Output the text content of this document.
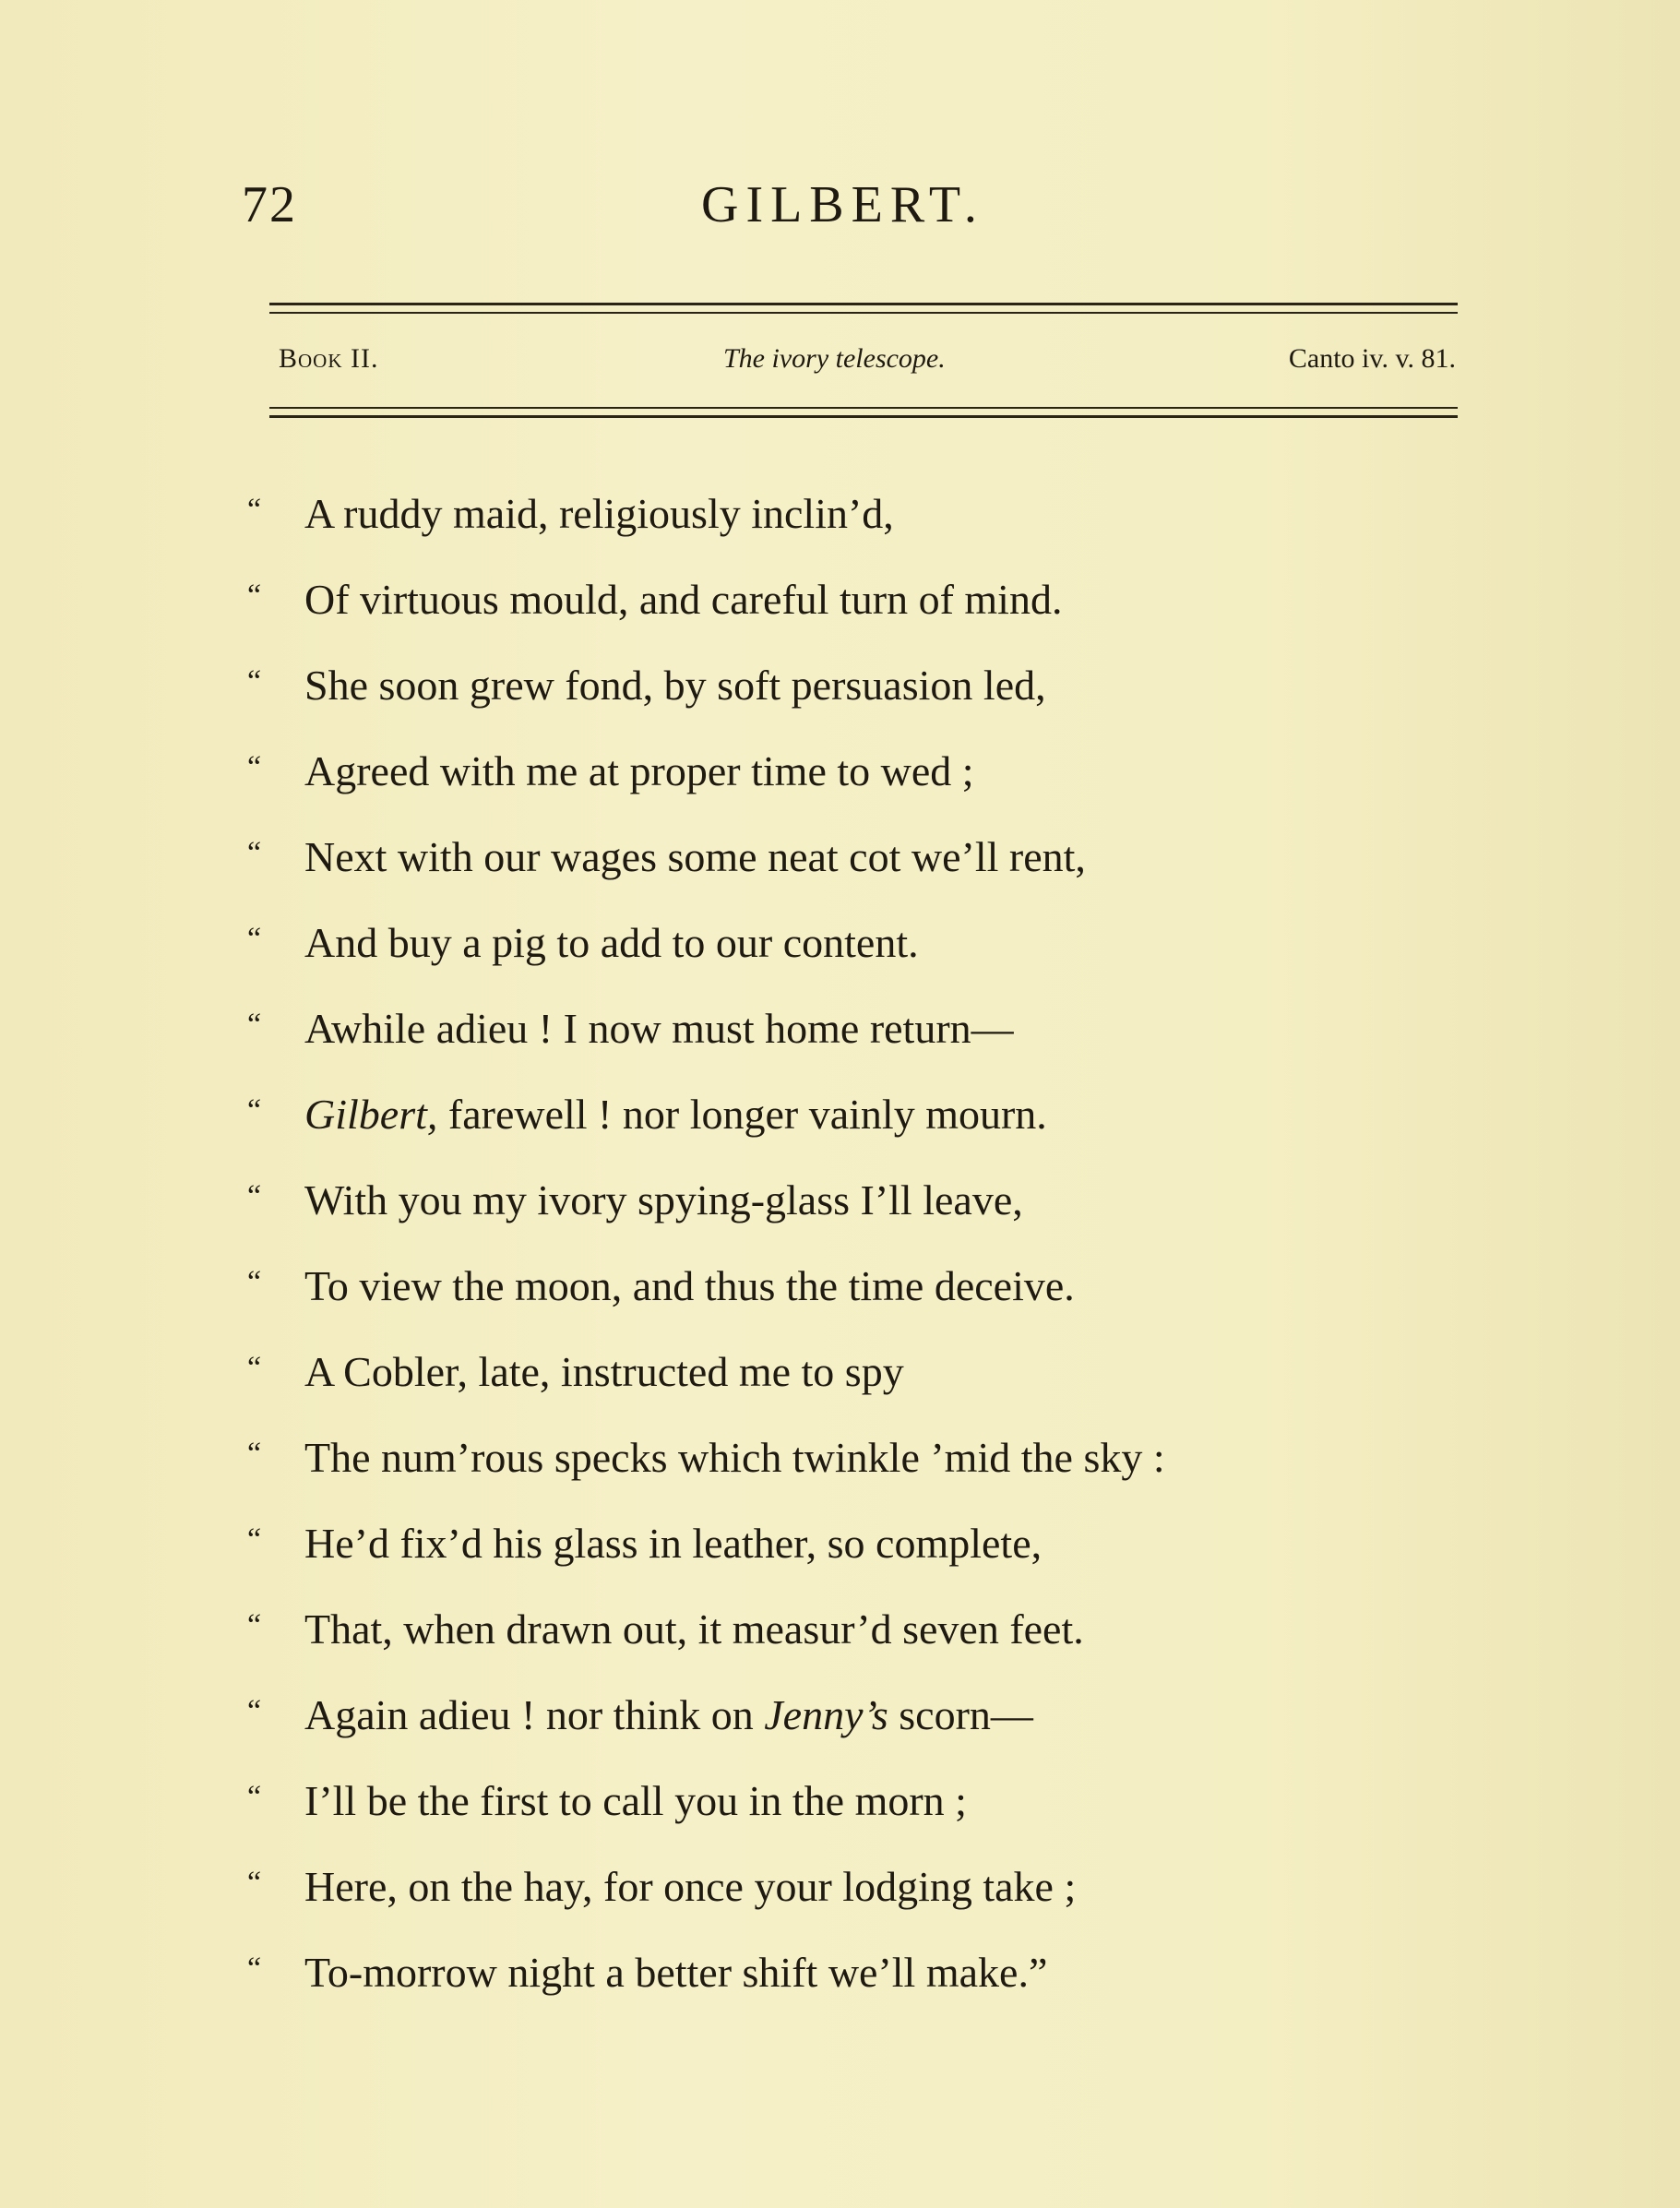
72	GILBERT.
Book II.	The ivory telescope.	Canto iv. v. 81.
“ A ruddy maid, religiously inclin’d,
“ Of virtuous mould, and careful turn of mind.
“ She soon grew fond, by soft persuasion led,
“ Agreed with me at proper time to wed ;
“ Next with our wages some neat cot we’ll rent,
“ And buy a pig to add to our content.
“ Awhile adieu ! I now must home return—
“ Gilbert, farewell ! nor longer vainly mourn.
“ With you my ivory spying-glass I’ll leave,
“ To view the moon, and thus the time deceive.
“ A Cobler, late, instructed me to spy
“ The num’rous specks which twinkle ’mid the sky :
“ He’d fix’d his glass in leather, so complete,
“ That, when drawn out, it measur’d seven feet.
“ Again adieu ! nor think on Jenny’s scorn—
“ I’ll be the first to call you in the morn ;
“ Here, on the hay, for once your lodging take ;
“ To-morrow night a better shift we’ll make.”
